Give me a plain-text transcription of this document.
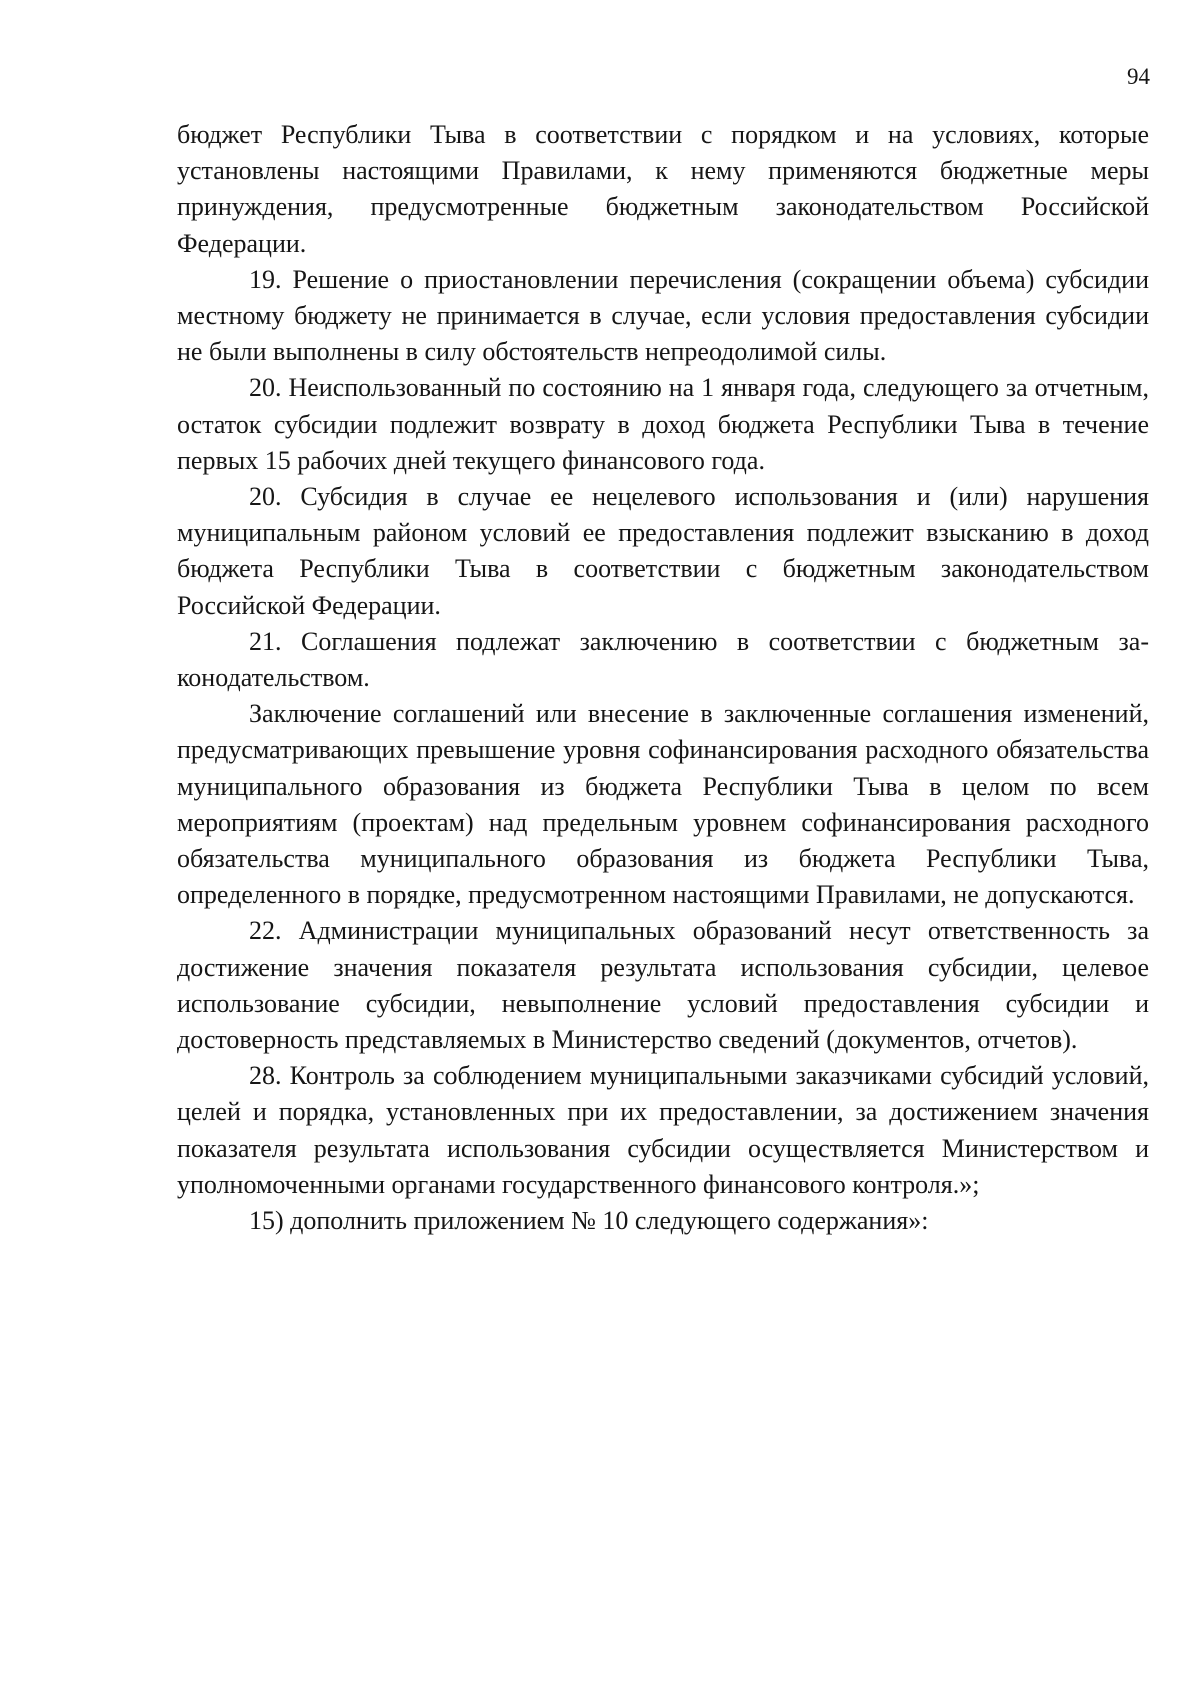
94

бюджет Республики Тыва в соответствии с порядком и на условиях, которые установлены настоящими Правилами, к нему применяются бюджетные меры принуждения, предусмотренные бюджетным законодательством Российской Федерации.

19. Решение о приостановлении перечисления (сокращении объема) субсидии местному бюджету не принимается в случае, если условия предоставления субсидии не были выполнены в силу обстоятельств непреодолимой силы.

20. Неиспользованный по состоянию на 1 января года, следующего за отчетным, остаток субсидии подлежит возврату в доход бюджета Республики Тыва в течение первых 15 рабочих дней текущего финансового года.

20. Субсидия в случае ее нецелевого использования и (или) нарушения муниципальным районом условий ее предоставления подлежит взысканию в доход бюджета Республики Тыва в соответствии с бюджетным законодательством Российской Федерации.

21. Соглашения подлежат заключению в соответствии с бюджетным законодательством.

Заключение соглашений или внесение в заключенные соглашения изменений, предусматривающих превышение уровня софинансирования расходного обязательства муниципального образования из бюджета Республики Тыва в целом по всем мероприятиям (проектам) над предельным уровнем софинансирования расходного обязательства муниципального образования из бюджета Республики Тыва, определенного в порядке, предусмотренном настоящими Правилами, не допускаются.

22. Администрации муниципальных образований несут ответственность за достижение значения показателя результата использования субсидии, целевое использование субсидии, невыполнение условий предоставления субсидии и достоверность представляемых в Министерство сведений (документов, отчетов).

28. Контроль за соблюдением муниципальными заказчиками субсидий условий, целей и порядка, установленных при их предоставлении, за достижением значения показателя результата использования субсидии осуществляется Министерством и уполномоченными органами государственного финансового контроля.»;

15) дополнить приложением № 10 следующего содержания»:
